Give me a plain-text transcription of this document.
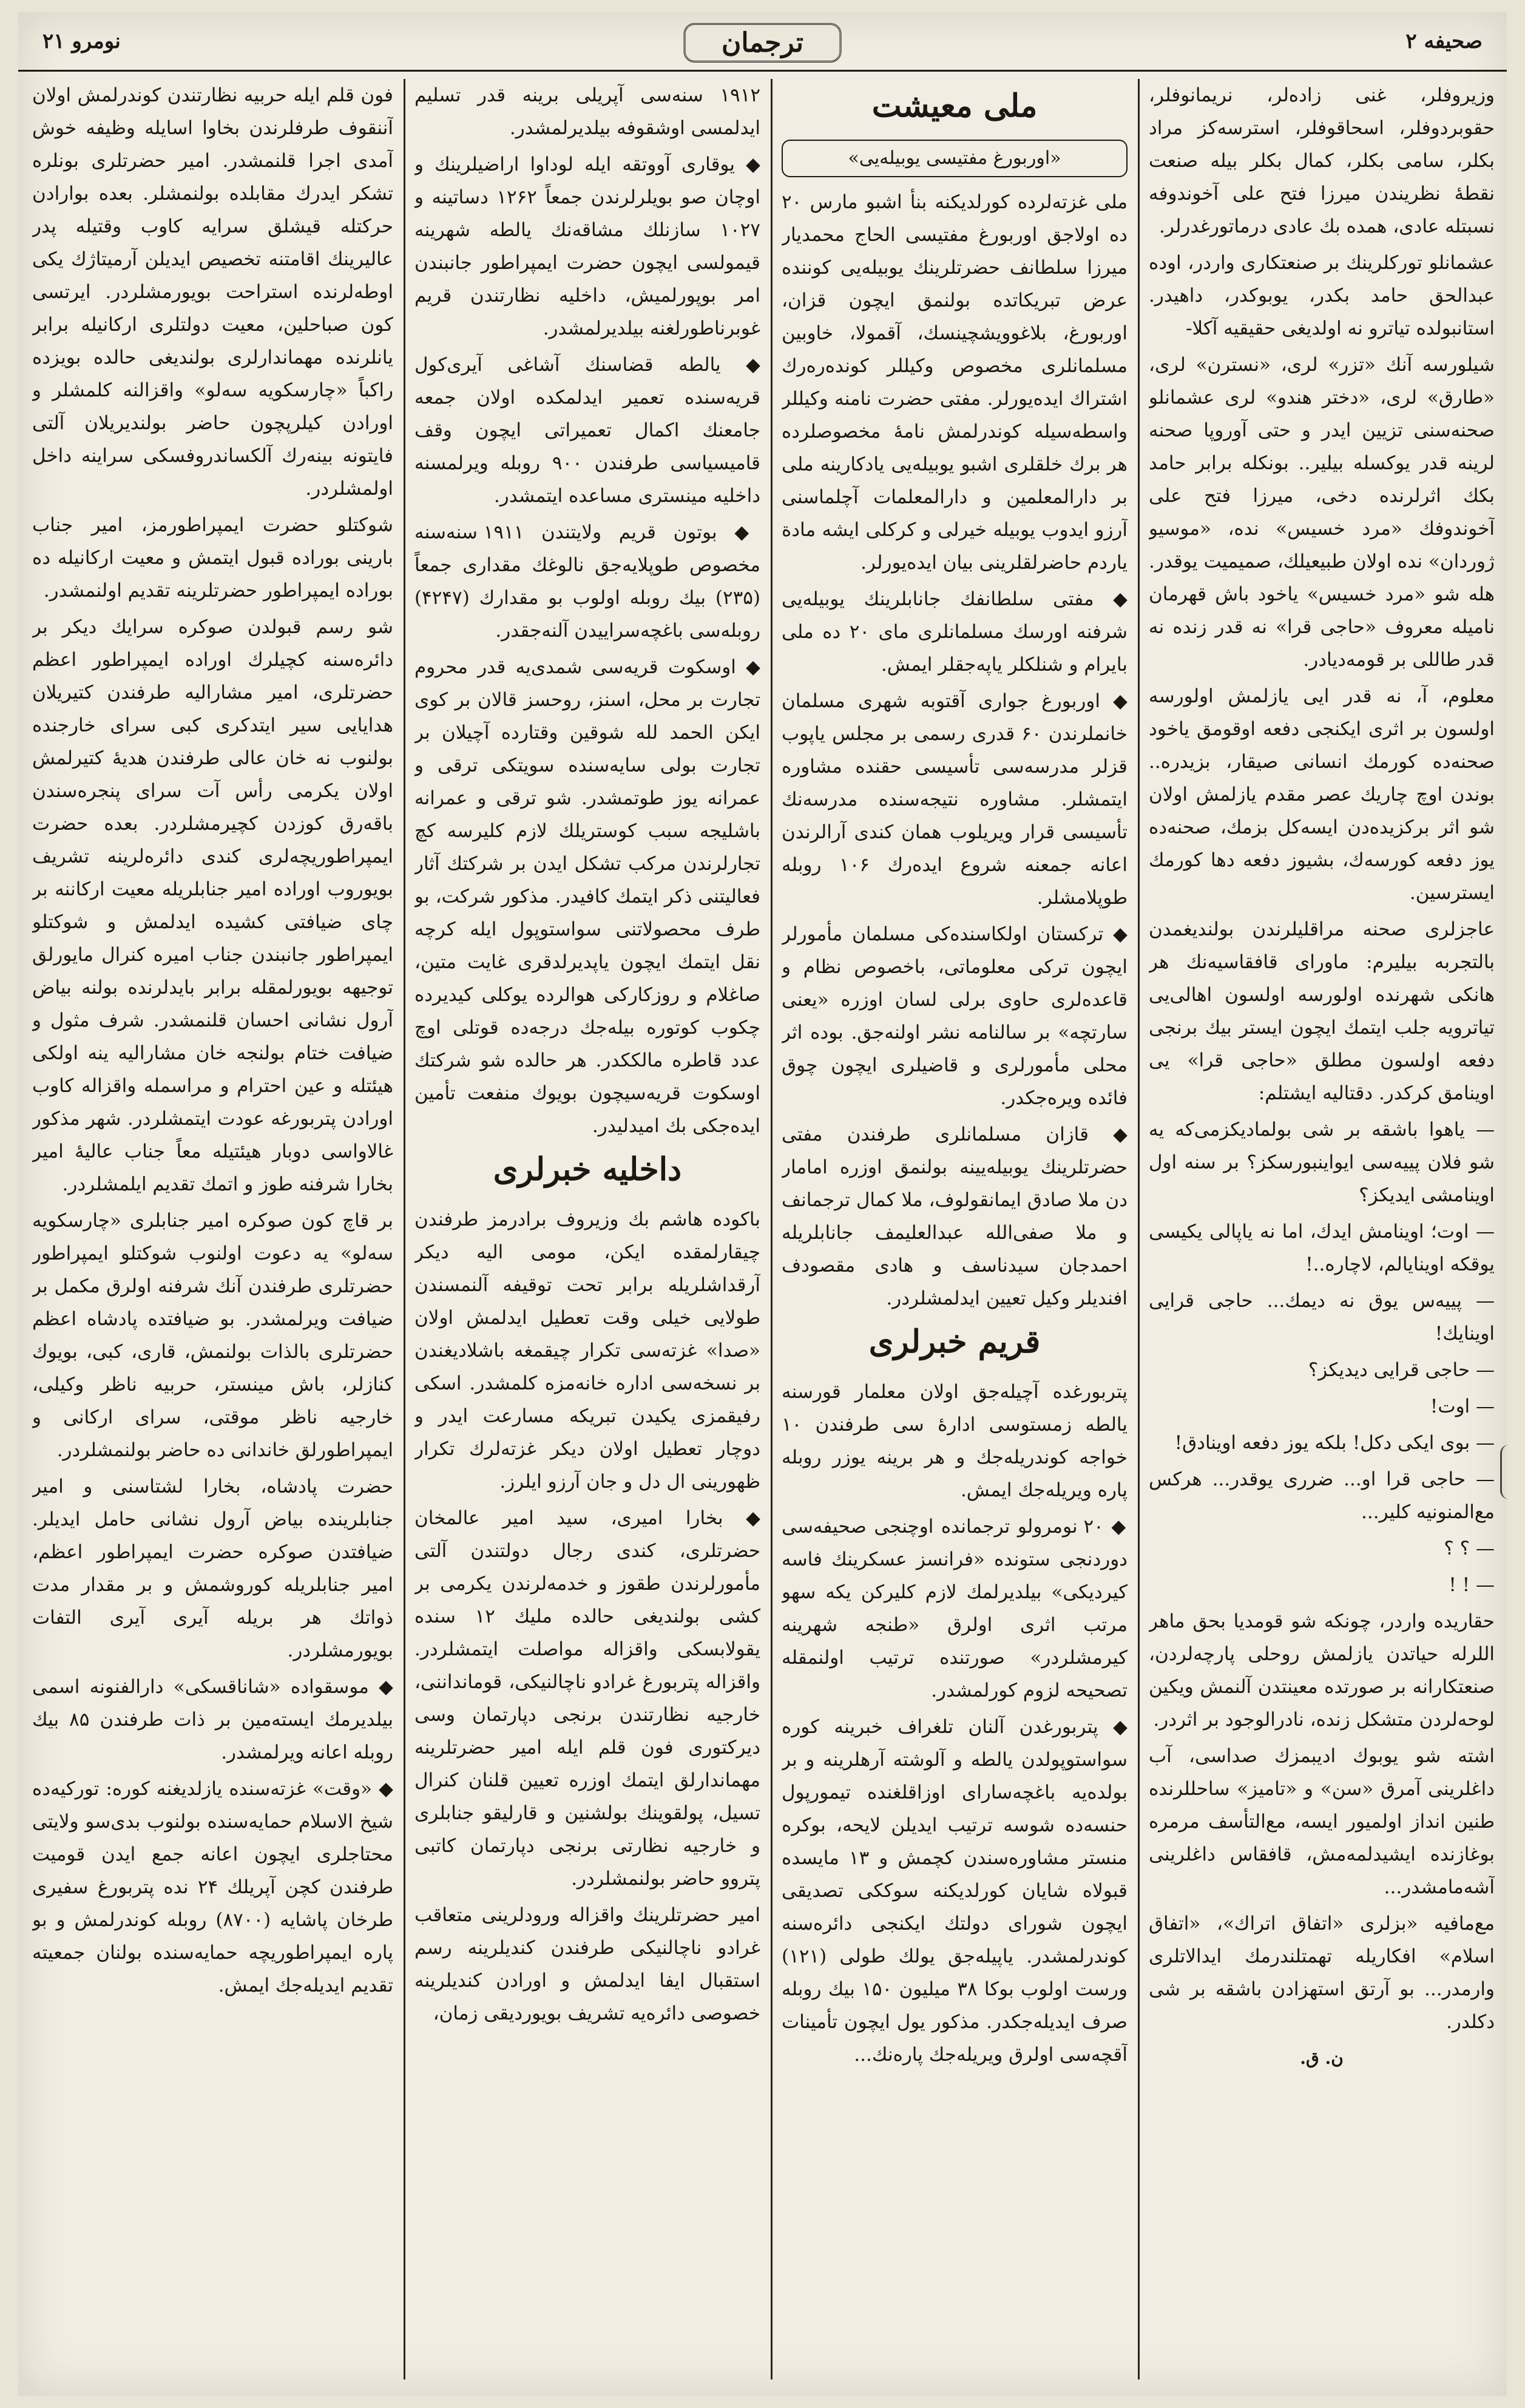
نومرو ۲۱	ترجمان	صحیفه ۲

وزیروفلر، غنی زاده‌لر، نریمانوفلر، حقوبردوفلر، اسحاقوفلر، استرسه‌کز مراد بکلر، سامی بکلر، کمال بکلر بیله صنعت نقطهٔ نظریندن میرزا فتح علی آخوندوفه نسبتله عادی، همده بك عادی درماتورغدرلر.

عشمانلو تورکلرینك بر صنعتکاری واردر، اوده عبدالحق حامد بکدر، یوبوکدر، داهیدر. استانبولده تیاترو نه اولدیغی حقیقیه آکلا-

شیلورسه آنك «تزر» لری، «نسترن» لری، «طارق» لری، «دختر هندو» لری عشمانلو صحنه‌سنی تزیین ایدر و حتی آوروپا صحنه لرینه قدر یوکسله بیلیر.. بونکله برابر حامد بکك اثرلرنده دخی، میرزا فتح علی آخوندوفك «مرد خسیس» نده، «موسیو ژوردان» نده اولان طبیعیلك، صمیمیت یوقدر. هله شو «مرد خسیس» یاخود باش قهرمان نامیله معروف «حاجی قرا» نه قدر زنده نه قدر طاللی بر قومه‌دیادر.

معلوم، آ، نه قدر ایی یازلمش اولورسه اولسون بر اثری ایکنجی دفعه اوقومق یاخود صحنه‌ده کورمك انسانی صیقار، بزیدره.. بوندن اوچ چاریك عصر مقدم یازلمش اولان شو اثر برکزیده‌دن ایسه‌کل بزمك، صحنه‌ده یوز دفعه کورسه‌ك، بشیوز دفعه دها کورمك ایسترسین.

عاجزلری صحنه مراقلیلرندن بولندیغمدن بالتجربه بیلیرم: ماورای قافقاسیه‌نك هر هانکی شهرنده اولورسه اولسون اهالی‌یی تیاترویه جلب ایتمك ایچون ایستر بیك برنجی دفعه اولسون مطلق «حاجی قرا» یی اوینامق کرکدر. دقتالیه ایشتلم:

— یاهوا باشقه بر شی بولمادیکزمی‌که یه شو فلان پییه‌سی ایواینبورسکز؟ بر سنه اول اوینامشی ایدیکز؟

— اوت؛ اوینامش ایدك، اما نه یاپالی یکیسی یوقکه اوینایالم، لاچاره..!

— پییه‌س یوق نه دیمك... حاجی قرایی اوینایك!

— حاجی قرایی دیدیکز؟

— اوت!

— بوی ایکی دکل! بلکه یوز دفعه اوینادق!

— حاجی قرا او... ضرری یوقدر... هرکس مع‌المنونیه کلیر...

— ؟ ؟

— ! !

حقاریده واردر، چونکه شو قومدیا بحق ماهر اللرله حیاتدن یازلمش روحلی پارچه‌لردن، صنعتکارانه بر صورتده معینتدن آلنمش ویکین لوحه‌لردن متشکل زنده، نادرالوجود بر اثردر.

اشته شو یوبوك ادیبمزك صداسی، آب داغلرینی آمرق «سن» و «تامیز» ساحللرنده طنین انداز اولمیور ایسه، مع‌التأسف مرمره بوغازنده ایشیدلمه‌مش، قافقاس داغلرینی آشه‌مامشدر...

مع‌مافیه «بزلری «اتفاق اتراك»، «اتفاق اسلام» افکاریله تهمتلندرمك ایدالاتلری وارمدر... بو آرتق استهزادن باشقه بر شی دکلدر.

ن. ق.

ملی معیشت
«اوربورغ مفتیسی یوبیله‌یی»

ملی غزته‌لرده کورلدیکنه بنأ اشبو مارس ۲۰ ده اولاجق اوربورغ مفتیسی الحاج محمدیار میرزا سلطانف حضرتلرینك یوبیله‌یی کوننده عرض تبریکاتده بولنمق ایچون قزان، اوربورغ، بلاغوویشچینسك، آقمولا، خاوبین مسلمانلری مخصوص وکیللر کونده‌ره‌رك اشتراك ایده‌یورلر. مفتی حضرت نامنه وکیللر واسطه‌سیله کوندرلمش نامهٔ مخصوصلرده هر برك خلقلری اشبو یوبیله‌یی یادکارینه ملی بر دارالمعلمین و دارالمعلمات آچلماسنی آرزو ایدوب یوبیله خیرلی و کرکلی ایشه مادة یاردم حاضرلقلرینی بیان ایده‌یورلر.

◆ مفتی سلطانفك جانابلرینك یوبیله‌یی شرفنه اورسك مسلمانلری مای ۲۰ ده ملی بایرام و شنلکلر یاپه‌جقلر ایمش.

◆ اوربورغ جواری آقتوبه شهری مسلمان خانملرندن ۶۰ قدری رسمی بر مجلس یاپوب قزلر مدرسه‌سی تأسیسی حقنده مشاوره ایتمشلر. مشاوره نتیجه‌سنده مدرسه‌نك تأسیسی قرار ویریلوب همان کندی آرالرندن اعانه جمعنه شروع ایده‌رك ۱۰۶ روبله طوپلامشلر.

◆ ترکستان اولکاسنده‌کی مسلمان مأمورلر ایچون ترکی معلوماتی، باخصوص نظام و قاعده‌لری حاوی برلی لسان اوزره «یعنی سارتچه» بر سالنامه نشر اولنه‌جق. بوده اثر محلی مأمورلری و قاضیلری ایچون چوق فائده ویره‌جکدر.

◆ قازان مسلمانلری طرفندن مفتی حضرتلرینك یوبیله‌یینه بولنمق اوزره امامار دن ملا صادق ایمانقولوف، ملا کمال ترجمانف و ملا صفی‌الله عبدالعلیمف جانابلریله احمدجان سیدناسف و هادی مقصودف افندیلر وکیل تعیین ایدلمشلردر.

قریم خبرلری

پتربورغده آچیله‌جق اولان معلمار قورسنه یالطه زمستوسی ادارهٔ سی طرفندن ۱۰ خواجه کوندریله‌جك و هر برینه یوزر روبله پاره ویریله‌جك ایمش.

◆ ۲۰ نومرولو ترجمانده اوچنجی صحیفه‌سی دوردنجی ستونده «فرانسز عسکرینك فاسه کیردیکی» بیلدیرلمك لازم کلیرکن یکه سهو مرتب اثری اولرق «طنجه شهرینه کیرمشلردر» صورتنده ترتیب اولنمقله تصحیحه لزوم کورلمشدر.

◆ پتربورغدن آلنان تلغراف خبرینه کوره سواستوپولدن یالطه و آلوشته آرهلرینه و بر بولده‌یه باغچه‌سارای اوزاقلغنده تیمورپول حنسه‌ده شوسه ترتیب ایدیلن لایحه، بوکره منستر مشاوره‌سندن کچمش و ۱۳ مایسده قبولاه شایان کورلدیکنه سوککی تصدیقی ایچون شورای دولتك ایکنجی دائره‌سنه کوندرلمشدر. یاپیله‌جق یولك طولی (۱۲۱) ورست اولوب بوکا ۳۸ میلیون ۱۵۰ بیك روبله صرف ایدیله‌جکدر. مذکور یول ایچون تأمینات آقچه‌سی اولرق ویریله‌جك پاره‌نك...

۱۹۱۲ سنه‌سی آپریلی برینه قدر تسلیم ایدلمسی اوشقوفه بیلدیرلمشدر.

◆ یوقاری آووتقه ایله لوداوا اراضیلرینك و اوچان صو بویلرلرندن جمعاً ۱۲۶۲ دساتینه و ۱۰۲۷ سازنلك مشاقه‌نك یالطه شهرینه قیمولسی ایچون حضرت ایمپراطور جانبندن امر بوپورلمیش، داخلیه نظارتندن قریم غوبرناطورلغنه بیلدیرلمشدر.

◆ یالطه قضاسنك آشاغی آیری‌کول قریه‌سنده تعمیر ایدلمکده اولان جمعه جامعنك اکمال تعمیراتی ایچون وقف قامیسیاسی طرفندن ۹۰۰ روبله ویرلمسنه داخلیه مینستری مساعده ایتمشدر.

◆ بوتون قریم ولایتندن ۱۹۱۱ سنه‌سنه مخصوص طوپلایه‌جق نالوغك مقداری جمعاً (۲۳۵) بیك روبله اولوب بو مقدارك (۴۲۴۷) روبله‌سی باغچه‌سراییدن آلنه‌جقدر.

◆ اوسکوت قریه‌سی شمدی‌یه قدر محروم تجارت بر محل، اسنز، روحسز قالان بر کوی ایکن الحمد لله شوقین وقتارده آچیلان بر تجارت بولی سایه‌سنده سویتکی ترقی و عمرانه یوز طوتمشدر. شو ترقی و عمرانه باشلیجه سبب کوستریلك لازم کلیرسه کچ تجارلرندن مرکب تشکل ایدن بر شرکتك آثار فعالیتنی ذکر ایتمك کافیدر. مذکور شرکت، بو طرف محصولاتنی سواستوپول ایله کرچه نقل ایتمك ایچون یاپدیرلدقری غایت متین، صاغلام و روزکارکی هوالرده یوکلی کیدیرده چکوب کوتوره بیله‌جك درجه‌ده قوتلی اوچ عدد قاطره مالککدر. هر حالده شو شرکتك اوسکوت قریه‌سیچون بویوك منفعت تأمین ایده‌جکی بك امیدلیدر.

داخلیه خبرلری

باکوده هاشم بك وزیروف برادرمز طرفندن چیقارلمقده ایکن، مومی الیه دیکر آرقداشلریله برابر تحت توقیفه آلنمسندن طولایی خیلی وقت تعطیل ایدلمش اولان «صدا» غزته‌سی تکرار چیقمغه باشلادیغندن بر نسخه‌سی اداره خانه‌مزه کلمشدر. اسکی رفیقمزی یکیدن تبریکه مسارعت ایدر و دوچار تعطیل اولان دیکر غزته‌لرك تکرار ظهورینی ال دل و جان آرزو ایلرز.

◆ بخارا امیری، سید امیر عالمخان حضرتلری، کندی رجال دولتندن آلتی مأمورلرندن طقوز و خدمه‌لرندن یکرمی بر کشی بولندیغی حالده ملیك ۱۲ سنده یقولابسکی واقزاله مواصلت ایتمشلردر. واقزاله پتربورغ غرادو ناچالنیکی، قومانداننی، خارجیه نظارتندن برنجی دپارتمان وسی دیرکتوری فون قلم ایله امیر حضرتلرینه مهماندارلق ایتمك اوزره تعیین قلنان کنرال تسیل، پولقوینك بولشنین و قارلیقو جنابلری و خارجیه نظارتی برنجی دپارتمان کاتبی پتروو حاضر بولنمشلردر.

امیر حضرتلرینك واقزاله ورودلرینی متعاقب غرادو ناچالنیکی طرفندن کندیلرینه رسم استقبال ایفا ایدلمش و اورادن کندیلرینه خصوصی دائره‌یه تشریف بویوردیقی زمان،

فون قلم ایله حربیه نظارتندن کوندرلمش اولان آننقوف طرفلرندن بخاوا اسایله وظیفه خوش آمدی اجرا قلنمشدر. امیر حضرتلری بونلره تشکر ایدرك مقابلده بولنمشلر. بعده بوارادن حرکتله قیشلق سرایه کاوب وقتیله پدر عالیرینك اقامتنه تخصیص ایدیلن آرمیتاژك یکی اوطه‌لرنده استراحت بویورمشلردر. ایرتسی کون صباحلین، معیت دولتلری ارکانیله برابر یانلرنده مهماندارلری بولندیغی حالده بویزده راکباً «چارسکویه سه‌لو» واقزالنه کلمشلر و اورادن کیلرپچون حاضر بولندیریلان آلتی فایتونه بینه‌رك آلکساندروفسکی سراینه داخل اولمشلردر.

شوکتلو حضرت ایمپراطورمز، امیر جناب بارینی بوراده قبول ایتمش و معیت ارکانیله ده بوراده ایمپراطور حضرتلرینه تقدیم اولنمشدر.

شو رسم قبولدن صوکره سرایك دیکر بر دائره‌سنه کچیلرك اوراده ایمپراطور اعظم حضرتلری، امیر مشارالیه طرفندن کتیریلان هدایایی سیر ایتدکری کبی سرای خارجنده بولنوب نه خان عالی طرفندن هدیهٔ کتیرلمش اولان یکرمی رأس آت سرای پنجره‌سندن باقه‌رق کوزدن کچیرمشلردر. بعده حضرت ایمپراطوریچه‌لری کندی دائره‌لرینه تشریف بویوروب اوراده امیر جنابلریله معیت ارکاننه بر چای ضیافتی کشیده ایدلمش و شوکتلو ایمپراطور جانبندن جناب امیره کنرال مایورلق توجیهه بویورلمقله برابر بایدلرنده بولنه بیاض آرول نشانی احسان قلنمشدر. شرف مثول و ضیافت ختام بولنجه خان مشارالیه ینه اولکی هیئتله و عین احترام و مراسمله واقزاله کاوب اورادن پتربورغه عودت ایتمشلردر. شهر مذکور غالاواسی دوبار هیئتیله معاً جناب عالیهٔ امیر بخارا شرفنه طوز و اتمك تقدیم ایلمشلردر.

بر قاچ کون صوکره امیر جنابلری «چارسکویه سه‌لو» یه دعوت اولنوب شوکتلو ایمپراطور حضرتلری طرفندن آنك شرفنه اولرق مکمل بر ضیافت ویرلمشدر. بو ضیافتده پادشاه اعظم حضرتلری بالذات بولنمش، قاری، کبی، بویوك کنازلر، باش مینستر، حربیه ناظر وکیلی، خارجیه ناظر موقتی، سرای ارکانی و ایمپراطورلق خاندانی ده حاضر بولنمشلردر.

حضرت پادشاه، بخارا لشتاسنی و امیر جنابلرینده بیاض آرول نشانی حامل ایدیلر. ضیافتدن صوکره حضرت ایمپراطور اعظم، امیر جنابلریله کوروشمش و بر مقدار مدت ذواتك هر بریله آیری آیری التفات بویورمشلردر.

◆ موسقواده «شاناقسکی» دارالفنونه اسمی بیلدیرمك ایسته‌مین بر ذات طرفندن ۸۵ بیك روبله اعانه ویرلمشدر.

◆ «وقت» غزته‌سنده یازلدیغنه کوره: تورکیه‌ده شیخ الاسلام حمایه‌سنده بولنوب بدی‌سو ولایتی محتاجلری ایچون اعانه جمع ایدن قومیت طرفندن کچن آپریلك ۲۴ نده پتربورغ سفیری طرخان پاشایه (۸۷۰۰) روبله کوندرلمش و بو پاره ایمپراطوریچه حمایه‌سنده بولنان جمعیته تقدیم ایدیله‌جك ایمش.
